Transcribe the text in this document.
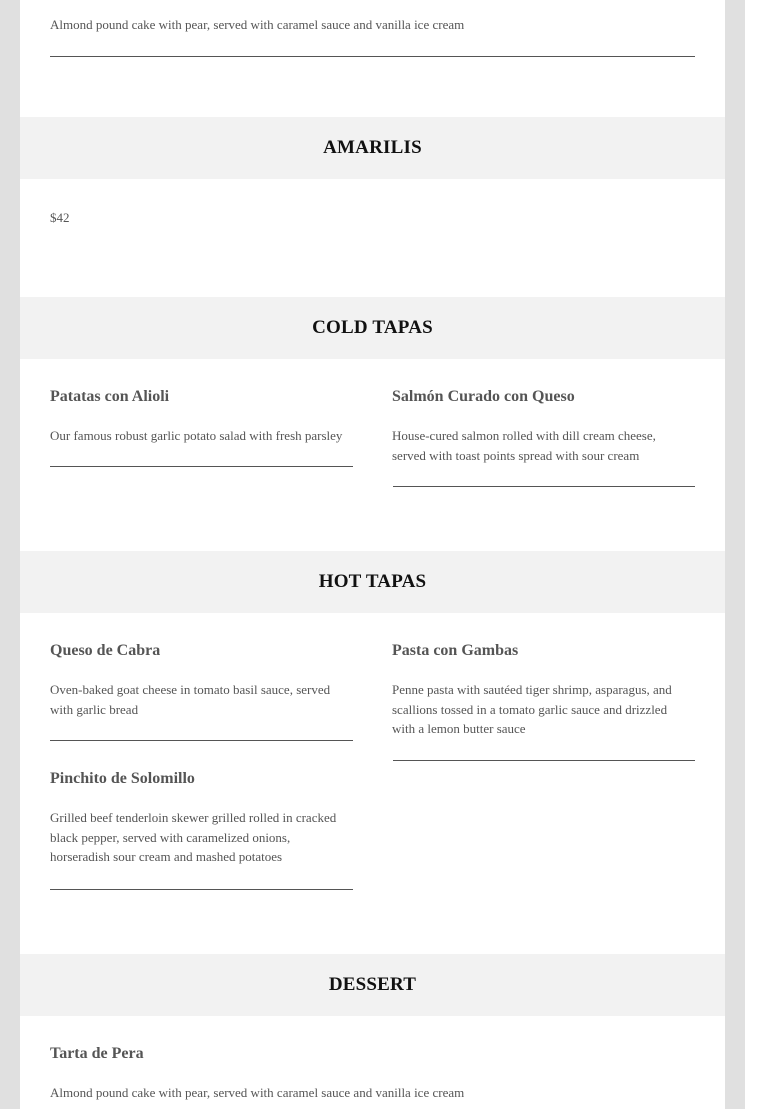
Almond pound cake with pear, served with caramel sauce and vanilla ice cream
AMARILIS
$42
COLD TAPAS
Patatas con Alioli
Our famous robust garlic potato salad with fresh parsley
Salmón Curado con Queso
House-cured salmon rolled with dill cream cheese, served with toast points spread with sour cream
HOT TAPAS
Queso de Cabra
Oven-baked goat cheese in tomato basil sauce, served with garlic bread
Pasta con Gambas
Penne pasta with sautéed tiger shrimp, asparagus, and scallions tossed in a tomato garlic sauce and drizzled with a lemon butter sauce
Pinchito de Solomillo
Grilled beef tenderloin skewer grilled rolled in cracked black pepper, served with caramelized onions, horseradish sour cream and mashed potatoes
DESSERT
Tarta de Pera
Almond pound cake with pear, served with caramel sauce and vanilla ice cream
